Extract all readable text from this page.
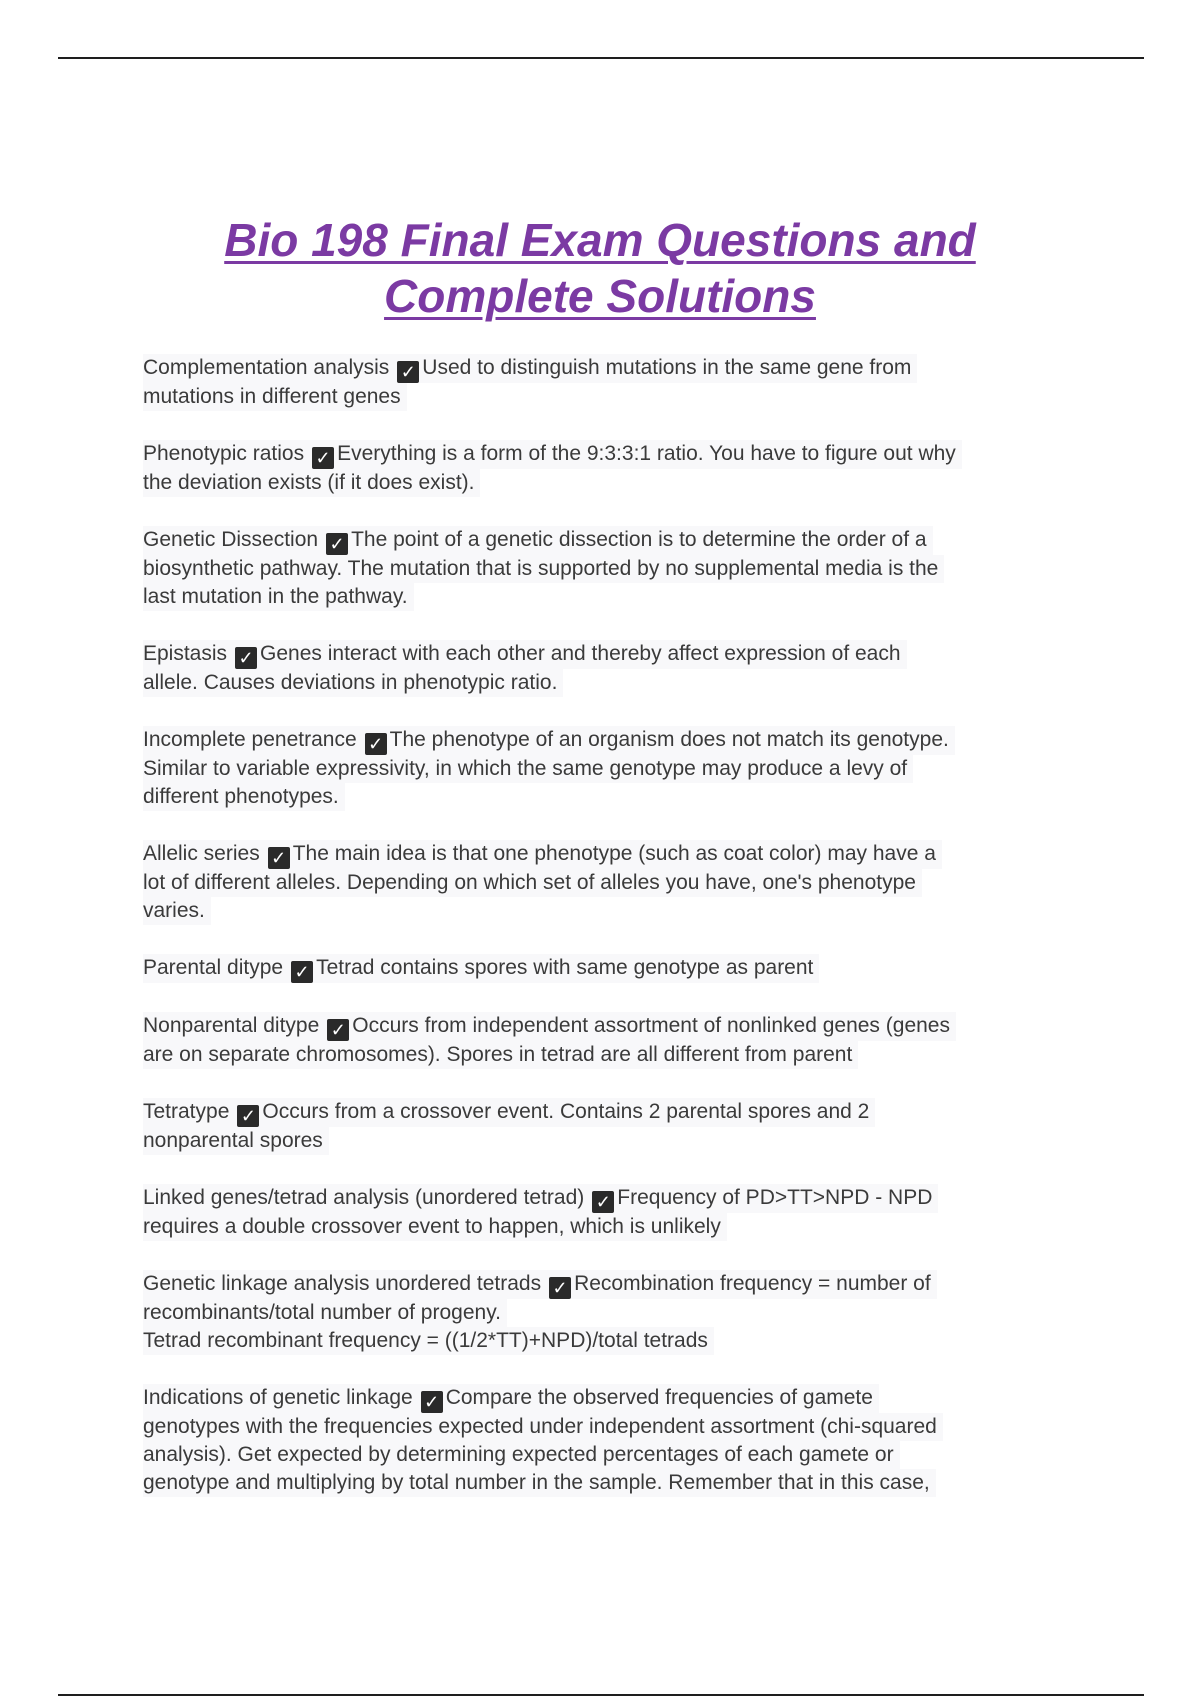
Bio 198 Final Exam Questions and
Complete Solutions
Complementation analysis ✓ Used to distinguish mutations in the same gene from
mutations in different genes
Phenotypic ratios ✓ Everything is a form of the 9:3:3:1 ratio. You have to figure out why
the deviation exists (if it does exist).
Genetic Dissection ✓ The point of a genetic dissection is to determine the order of a
biosynthetic pathway. The mutation that is supported by no supplemental media is the
last mutation in the pathway.
Epistasis ✓ Genes interact with each other and thereby affect expression of each
allele. Causes deviations in phenotypic ratio.
Incomplete penetrance ✓ The phenotype of an organism does not match its genotype.
Similar to variable expressivity, in which the same genotype may produce a levy of
different phenotypes.
Allelic series ✓ The main idea is that one phenotype (such as coat color) may have a
lot of different alleles. Depending on which set of alleles you have, one's phenotype
varies.
Parental ditype ✓ Tetrad contains spores with same genotype as parent
Nonparental ditype ✓ Occurs from independent assortment of nonlinked genes (genes
are on separate chromosomes). Spores in tetrad are all different from parent
Tetratype ✓ Occurs from a crossover event. Contains 2 parental spores and 2
nonparental spores
Linked genes/tetrad analysis (unordered tetrad) ✓ Frequency of PD>TT>NPD - NPD
requires a double crossover event to happen, which is unlikely
Genetic linkage analysis unordered tetrads ✓ Recombination frequency = number of
recombinants/total number of progeny.
Tetrad recombinant frequency = ((1/2*TT)+NPD)/total tetrads
Indications of genetic linkage ✓ Compare the observed frequencies of gamete
genotypes with the frequencies expected under independent assortment (chi-squared
analysis). Get expected by determining expected percentages of each gamete or
genotype and multiplying by total number in the sample. Remember that in this case,
